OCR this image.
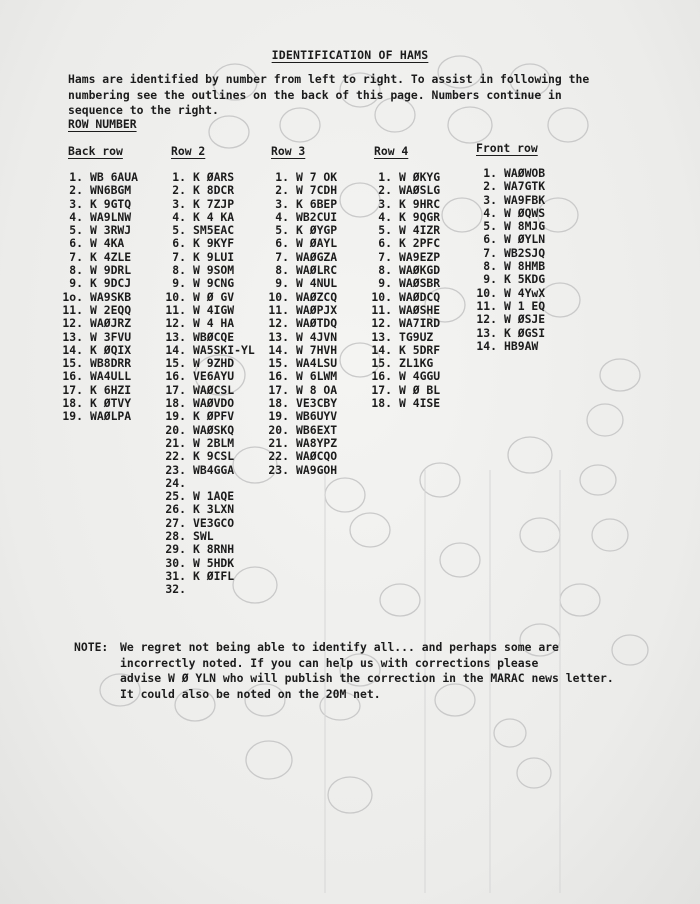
IDENTIFICATION OF HAMS

Hams are identified by number from left to right. To assist in following the

numbering see the outlines on the back of this page. Numbers continue in

sequence to the right.

ROW NUMBER
Back row
1. WB 6AUA
2. WN6BGM
3. K 9GTQ
4. WA9LNW
5. W 3RWJ
6. W 4KA
7. K 4ZLE
8. W 9DRL
9. K 9DCJ
1o. WA9SKB
11. W 2EQQ
12. WAØJRZ
13. W 3FVU
14. K ØQIX
15. WB8DRR
16. WA4ULL
17. K 6HZI
18. K ØTVY
19. WAØLPA
Row 2
1. K ØARS
2. K 8DCR
3. K 7ZJP
4. K 4 KA
5. SM5EAC
6. K 9KYF
7. K 9LUI
8. W 9SOM
9. W 9CNG
10. W Ø GV
11. W 4IGW
12. W 4 HA
13. WBØCQE
14. WA5SKI-YL
15. W 9ZHD
16. VE6AYU
17. WAØCSL
18. WAØVDO
19. K ØPFV
20. WAØSKQ
21. W 2BLM
22. K 9CSL
23. WB4GGA
24.
25. W 1AQE
26. K 3LXN
27. VE3GCO
28. SWL
29. K 8RNH
30. W 5HDK
31. K ØIFL
32.
Row 3
1. W 7 OK
2. W 7CDH
3. K 6BEP
4. WB2CUI
5. K ØYGP
6. W ØAYL
7. WAØGZA
8. WAØLRC
9. W 4NUL
10. WAØZCQ
11. WAØPJX
12. WAØTDQ
13. W 4JVN
14. W 7HVH
15. WA4LSU
16. W 6LWM
17. W 8 OA
18. VE3CBY
19. WB6UYV
20. WB6EXT
21. WA8YPZ
22. WAØCQO
23. WA9GOH
Row 4
1. W ØKYG
2. WAØSLG
3. K 9HRC
4. K 9QGR
5. W 4IZR
6. K 2PFC
7. WA9EZP
8. WAØKGD
9. WAØSBR
10. WAØDCQ
11. WAØSHE
12. WA7IRD
13. TG9UZ
14. K 5DRF
15. ZL1KG
16. W 4GGU
17. W Ø BL
18. W 4ISE
Front row
1. WAØWOB
2. WA7GTK
3. WA9FBK
4. W ØQWS
5. W 8MJG
6. W ØYLN
7. WB2SJQ
8. W 8HMB
9. K 5KDG
10. W 4YwX
11. W 1 EQ
12. W ØSJE
13. K ØGSI
14. HB9AW
NOTE: We regret not being able to identify all... and perhaps some are

incorrectly noted. If you can help us with corrections please

advise W Ø YLN who will publish the correction in the MARAC news letter.

It could also be noted on the 20M net.
